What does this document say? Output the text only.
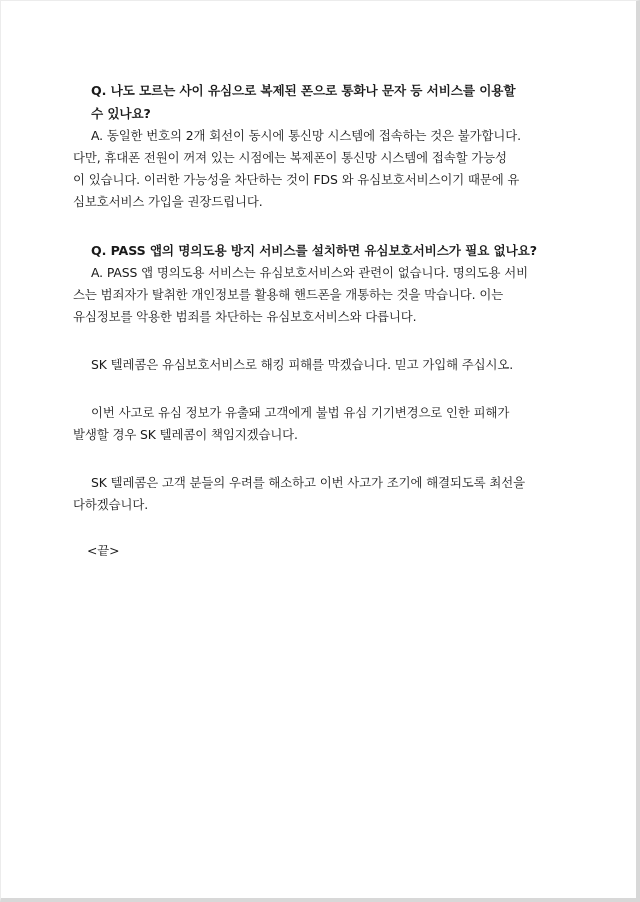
Q. 나도 모르는 사이 유심으로 복제된 폰으로 통화나 문자 등 서비스를 이용할
수 있나요?
A. 동일한 번호의 2개 회선이 동시에 통신망 시스템에 접속하는 것은 불가합니다.
다만, 휴대폰 전원이 꺼져 있는 시점에는 복제폰이 통신망 시스템에 접속할 가능성
이 있습니다. 이러한 가능성을 차단하는 것이 FDS 와 유심보호서비스이기 때문에 유
심보호서비스 가입을 권장드립니다.
Q. PASS 앱의 명의도용 방지 서비스를 설치하면 유심보호서비스가 필요 없나요?
A. PASS 앱 명의도용 서비스는 유심보호서비스와 관련이 없습니다. 명의도용 서비
스는 범죄자가 탈취한 개인정보를 활용해 핸드폰을 개통하는 것을 막습니다. 이는
유심정보를 악용한 범죄를 차단하는 유심보호서비스와 다릅니다.
SK 텔레콤은 유심보호서비스로 해킹 피해를 막겠습니다. 믿고 가입해 주십시오.
이번 사고로 유심 정보가 유출돼 고객에게 불법 유심 기기변경으로 인한 피해가
발생할 경우 SK 텔레콤이 책임지겠습니다.
SK 텔레콤은 고객 분들의 우려를 해소하고 이번 사고가 조기에 해결되도록 최선을
다하겠습니다.
<끝>
